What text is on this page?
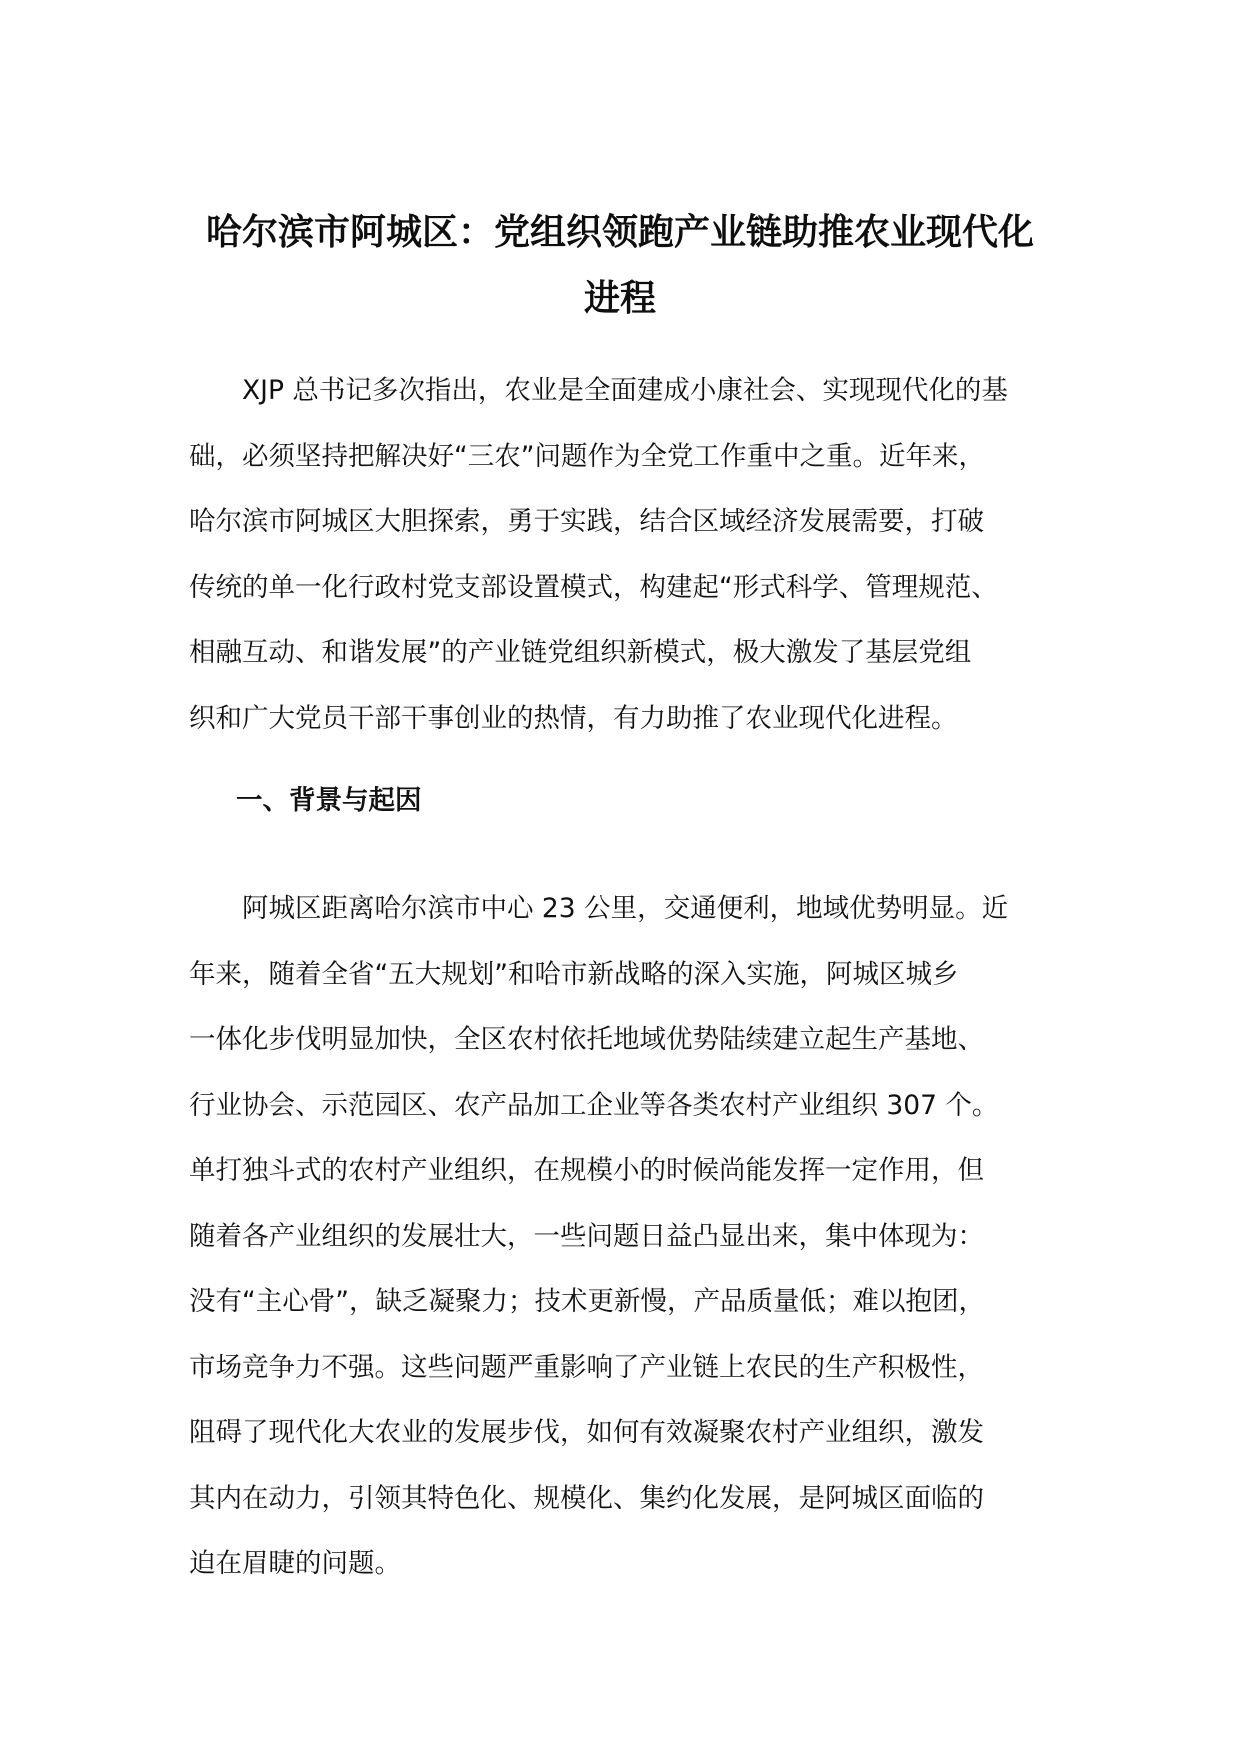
哈尔滨市阿城区：党组织领跑产业链助推农业现代化
进程

XJP 总书记多次指出，农业是全面建成小康社会、实现现代化的基
础，必须坚持把解决好“三农”问题作为全党工作重中之重。近年来，
哈尔滨市阿城区大胆探索，勇于实践，结合区域经济发展需要，打破
传统的单一化行政村党支部设置模式，构建起“形式科学、管理规范、
相融互动、和谐发展”的产业链党组织新模式，极大激发了基层党组
织和广大党员干部干事创业的热情，有力助推了农业现代化进程。

一、背景与起因

阿城区距离哈尔滨市中心 23 公里，交通便利，地域优势明显。近
年来，随着全省“五大规划”和哈市新战略的深入实施，阿城区城乡
一体化步伐明显加快，全区农村依托地域优势陆续建立起生产基地、
行业协会、示范园区、农产品加工企业等各类农村产业组织 307 个。
单打独斗式的农村产业组织，在规模小的时候尚能发挥一定作用，但
随着各产业组织的发展壮大，一些问题日益凸显出来，集中体现为：
没有“主心骨”，缺乏凝聚力；技术更新慢，产品质量低；难以抱团，
市场竞争力不强。这些问题严重影响了产业链上农民的生产积极性，
阻碍了现代化大农业的发展步伐，如何有效凝聚农村产业组织，激发
其内在动力，引领其特色化、规模化、集约化发展，是阿城区面临的
迫在眉睫的问题。
